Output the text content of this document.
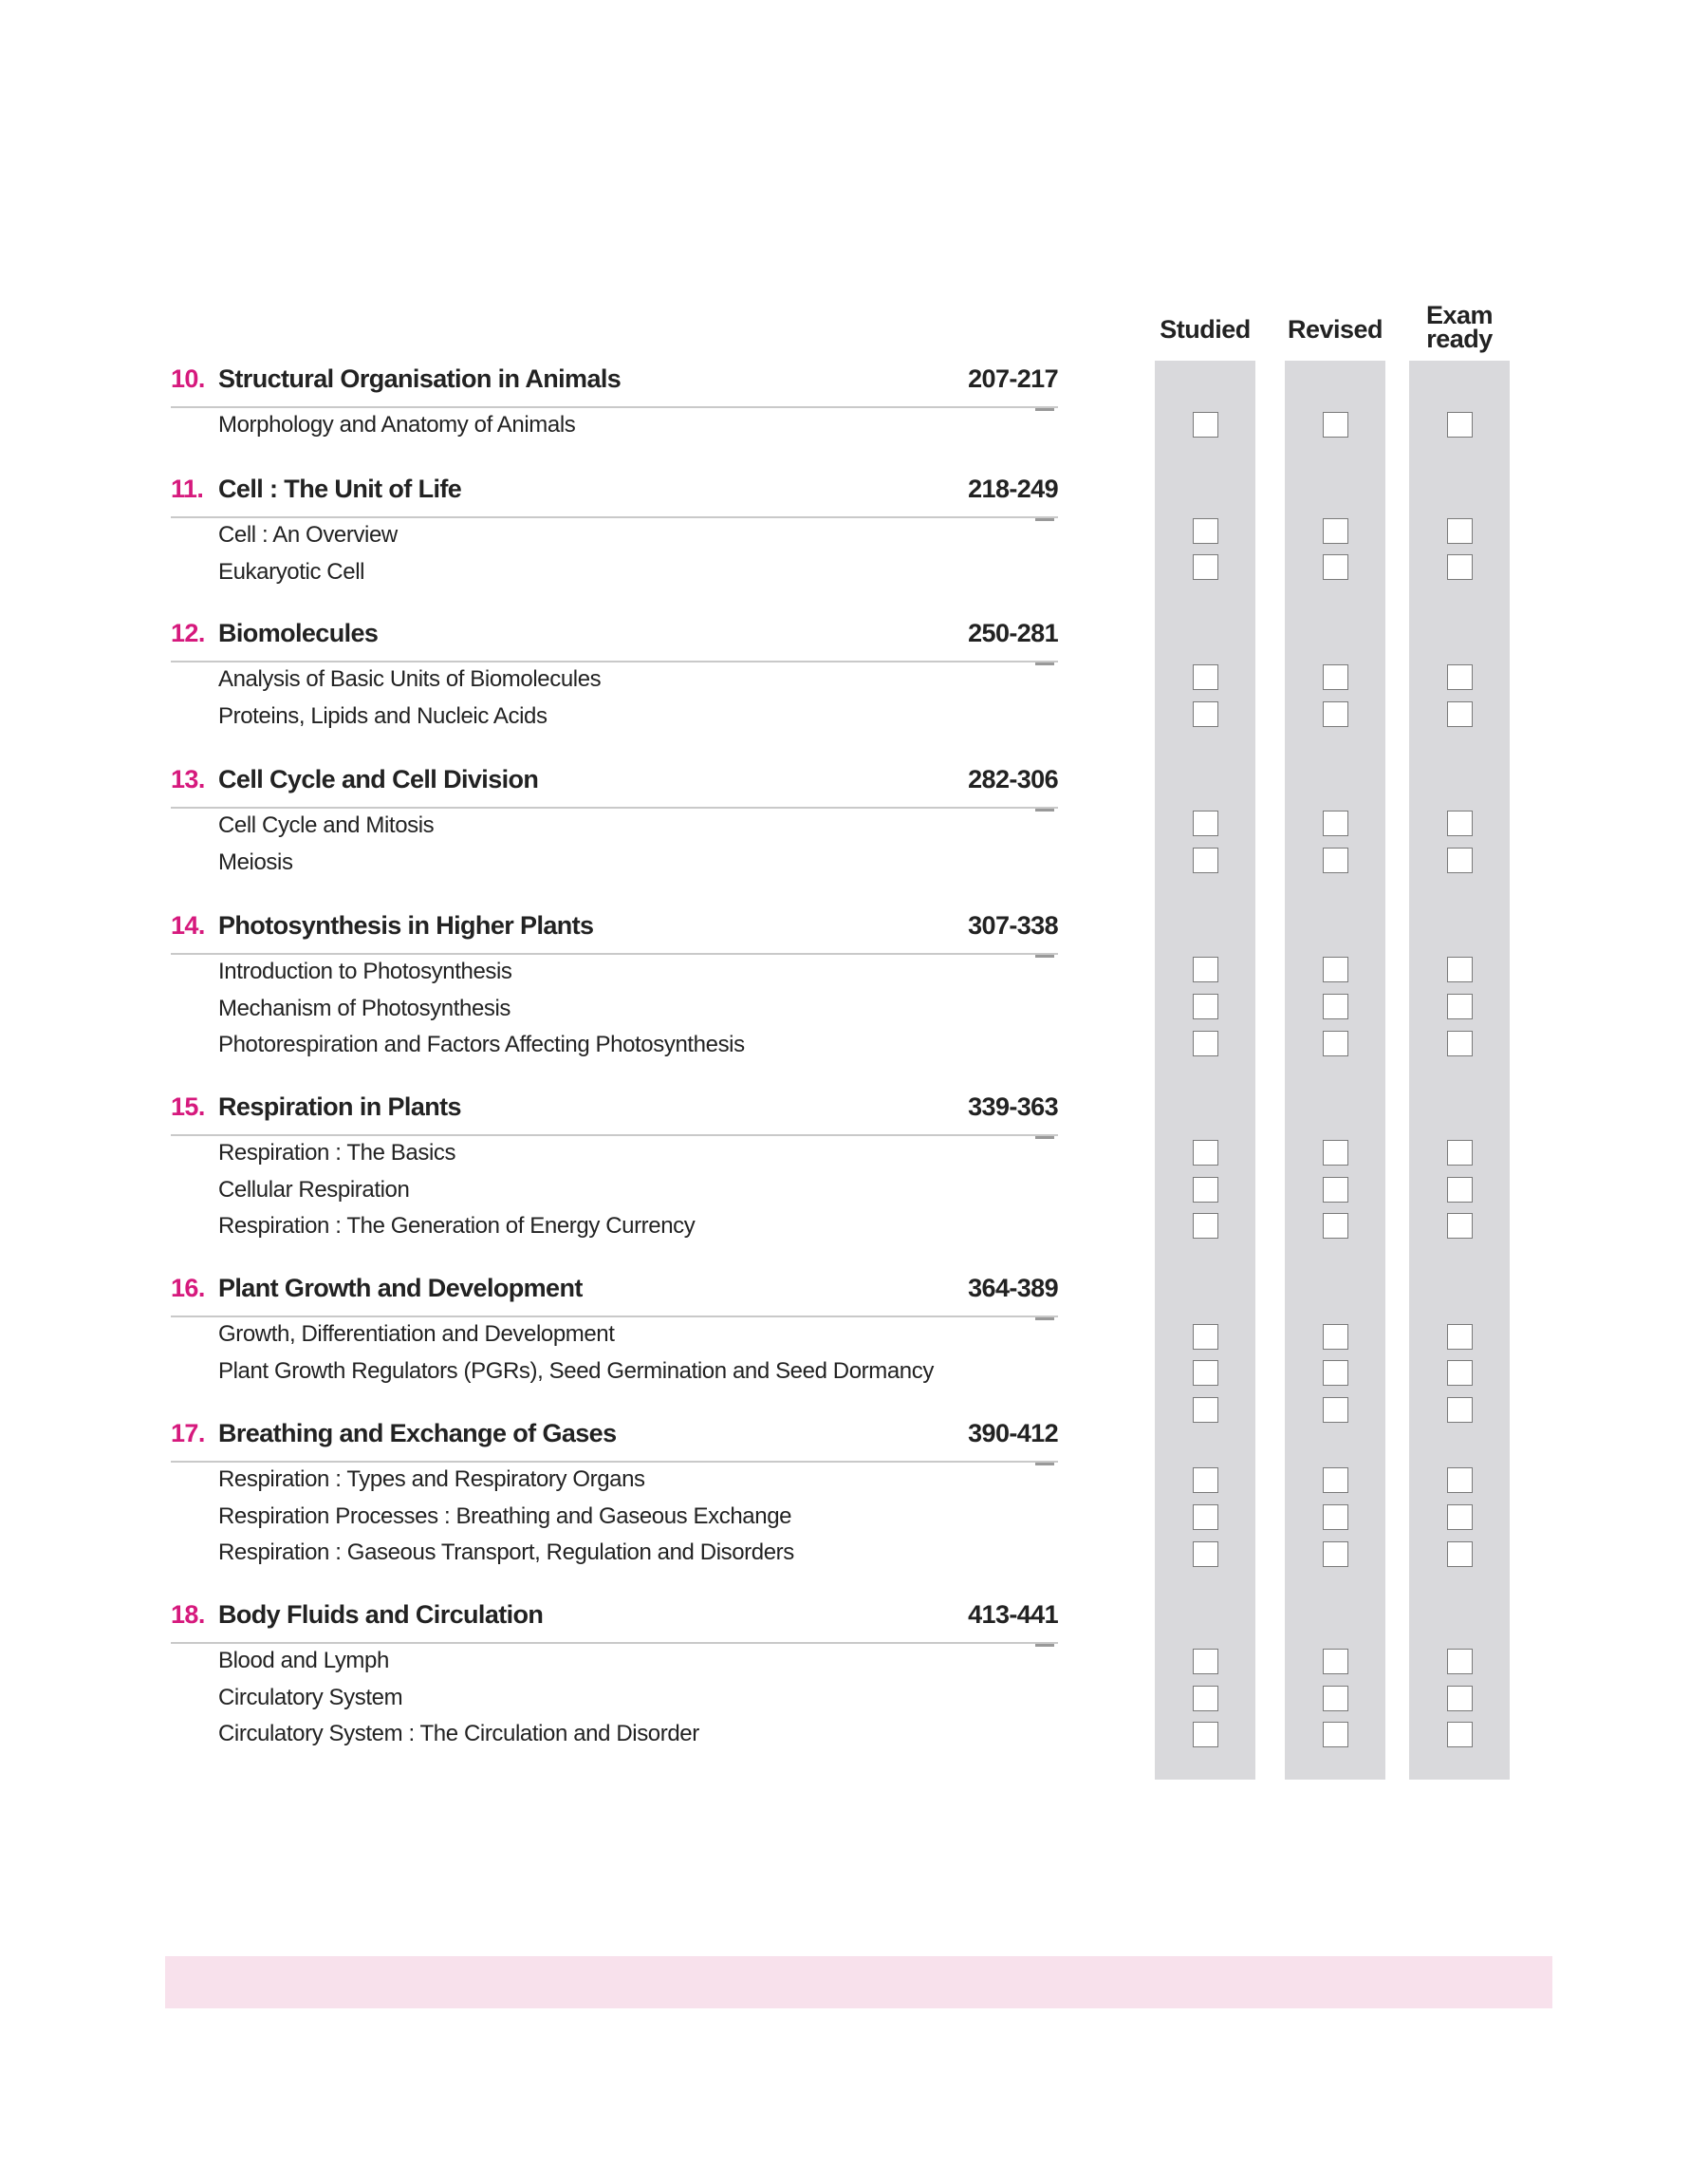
Studied	Revised	Exam ready
10. Structural Organisation in Animals	207-217
Morphology and Anatomy of Animals
11. Cell : The Unit of Life	218-249
Cell : An Overview
Eukaryotic Cell
12. Biomolecules	250-281
Analysis of Basic Units of Biomolecules
Proteins, Lipids and Nucleic Acids
13. Cell Cycle and Cell Division	282-306
Cell Cycle and Mitosis
Meiosis
14. Photosynthesis in Higher Plants	307-338
Introduction to Photosynthesis
Mechanism of Photosynthesis
Photorespiration and Factors Affecting Photosynthesis
15. Respiration in Plants	339-363
Respiration : The Basics
Cellular Respiration
Respiration : The Generation of Energy Currency
16. Plant Growth and Development	364-389
Growth, Differentiation and Development
Plant Growth Regulators (PGRs), Seed Germination and Seed Dormancy
17. Breathing and Exchange of Gases	390-412
Respiration : Types and Respiratory Organs
Respiration Processes : Breathing and Gaseous Exchange
Respiration : Gaseous Transport, Regulation and Disorders
18. Body Fluids and Circulation	413-441
Blood and Lymph
Circulatory System
Circulatory System : The Circulation and Disorder
